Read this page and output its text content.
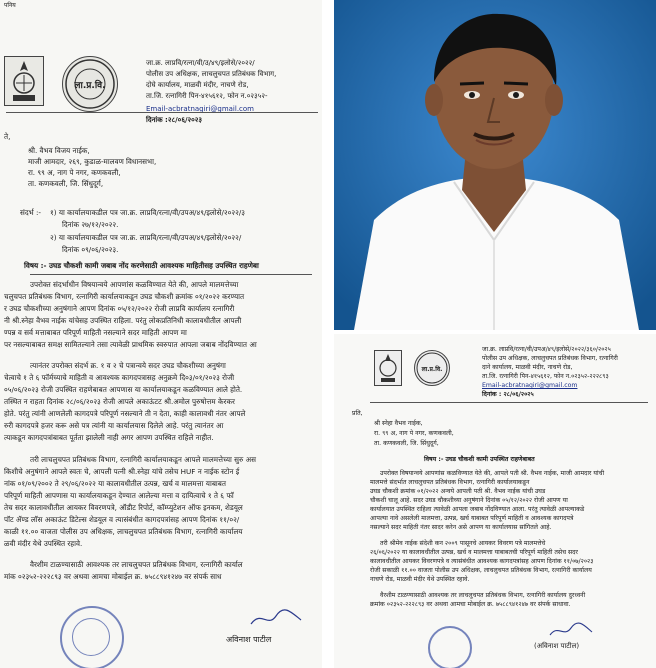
पनिय
ला.प्र.वि.
जा.क्र. लाप्रवि/रत्ना/वी/उ/४९/इलोसे/२०२२/
पोलीस उप अधिक्षक, लाचलुचपत प्रतिबंधक विभाग,
दोघे कार्यालय, माळवी मंदीर, नाचणे रोड,
ता.जि. रत्नागिरी पिन-४१५६१२, फोन न.०२३५२-
Email-acbratnagiri@gmail.com
दिनांक :२८/०६/२०२३
ते,
श्री. वैभव विजय नाईक,
माजी आमदार, २६९, कुडाळ-मालवण विधानसभा,
रा. ९९ अ, नाग पे नगर, कणकवली,
ता. कणकवली, जि. सिंधुदूर्ग,
संदर्भ :- १) या कार्यालयाकडील पत्र जा.क्र. लाप्रवि/रत्ना/वी/उपअ/४९/इलोसे/२०२२/३
दिनांक २७/१२/२०२२.
२) या कार्यालयाकडील पत्र जा.क्र. लाप्रवि/रत्ना/वी/उपअ/४९/इलोसे/२०२२/
दिनांक ०९/०६/२०२३.
विषय :- उघड चौकशी कामी जबाब नोंद करणेसाठी आवश्यक माहितीसह उपस्थित राहणेबा
उपरोक्त संदर्भाधीन विषयान्वये आपणांस कळविण्यात येते की, आपले मालमत्तेच्या
चलुचपत प्रतिबंधक विभाग, रत्नागिरी कार्यालयाकडून उघड चौकशी क्रमांक ०१/२०२२ करण्यात
र उघड चौकशीच्या अनुषंगाने आपण दिनांक ०५/१२/२०२२ रोजी लाप्रवि कार्यालय रत्नागिरी
नी श्री.स्नेहा वैभव नाईक यांचेसह उपस्थित राहिला. परंतु लोकप्रतिनिधी कालावधीतील आपली
ण्पन्न व सर्व मत्ताबाबत परिपूर्ण माहिती नसल्याने सदर माहिती आपण मा
पर नसल्याबाबत समक्ष सामितल्याने तसा त्यावेळी प्राथमिक स्वरुपात आपला जबाब नोंदविण्यात आ
त्यानंतर उपरोक्त संदर्भ क्र. १ व २ चे पत्रान्वये सदर उघड चौकशीच्या अनुषंगा
चेत्वाचे १ ते ६ फॉर्मच्याचे माहिती व आवश्यक कागदपत्रासह अनुक्रमे दि०३/०१/२०२३ रोजी
०५/०६/२०२३ रोजी उपस्थित राहणेबाबत आपणास या कार्यालयाकडून कळविण्यात आले होते.
तस्थित न राहता दिनांक २८/०६/२०२३ रोजी आपले अकाऊंटट श्री.अमोल पुरुषोत्तम केरकर
होते. परंतु त्यांनी आणलेली कागदपत्रे परिपूर्ण नसल्याने ती न देता, काही कालावधी नंतर आपले
रुरी कागदपत्रे हजर करू असे पत्र त्यांनी या कार्यालयास दिलेले आहे. परंतु त्यानंतर आ
त्याकडून कागदपत्रांबाबत पूर्तता झालेली नाही अगर आपण उपस्थित राहिले नाहीत.
तरी लाचलुचपत प्रतिबंधक विभाग, रत्नागिरी कार्यालयाकडून आपले मालमत्तेच्या सुरु अस
किशीचे अनुषंगाने आपले स्वतः चे, आपली पत्नी श्री.स्नेहा यांचे तसेच HUF न नाईक स्टोन ई
नांक ०१/०९/२००२ ते २९/०६/२०२२ या कालावधीतील उत्पन्न, खर्च व मालमत्ता याबाबत
परिपूर्ण माहिती आपणास या कार्यालयाकडून देण्यात आलेल्या मत्ता व दायित्वाचे १ ते ६ फॉ
तेच सदर कालावधीतील आयकर विवरणपत्रे, ऑडीट रिपोर्ट, कॉम्प्युटेशन ऑफ इनकम, शेडयूल
पॉट ॲण्ड लॉस अकाऊंट डिटेल्स शेडयूल व त्यासंबंधीत कागदपत्रांसह आपण दिनांक ११/०२/
काळी ११.०० वाजता पोलीस उप अधिक्षक, लाचलुचपत प्रतिबंधक विभाग, रत्नागिरी कार्यालय
ळवी मंदीर येथे उपस्थित रहावे.
वैरशीम टाळण्यासाठी आवश्यक तर लाचलुचपत प्रतिबंधक विभाग, रत्नागिरी कार्याल
मांक ०२३५२-२२२८९३ वर अथवा आमचा मोबाईल क्र. ७५८८९४१२४७ वर संपर्क साध
अविनाश पाटील
ला.प्र.वि.
जा.क्र. लाप्रवि/रत्ना/वी/उपअ/४९/इलोसे/२०२२/३६०/२०२५
पोलीस उप अधिक्षक, लाचलुचपत प्रतिबंधक विभाग, रत्नागिरी
दाने कार्यालय, माळवी मंदीर, नाचणे रोड,
ता.जि. रत्नागिरी पिन-४१५६१२, फोन न.०२३५२-२२२८९३
Email-acbratnagiri@gmail.com
दिनांक : २८/०६/२०२५
प्रति,
श्री स्नेहा वैभव नाईक,
रा. ९९ अ, नाग पे नगर, कणकवली,
ता. कणकवली, जि. सिंधुदूर्ग,
विषय :- उघड चौकशी कामी उपस्थित राहणेबाबत
उपरोक्त विषयान्वये आपणांस कळविण्यात येते की, आपले पती श्री. वैभव नाईक, माजी आमदार यांची
मालमत्ते संदर्भात लाचलुचपत प्रतिबंधक विभाग, रत्नागिरी कार्यालयाकडून
उघड चौकशी क्रमांक ०१/२०२२ अन्वये आपली पती श्री. वैभव नाईक यांची उघड
चौकशी चालू आहे. सदर उघड चौकशीच्या अनुषंगाने दिनांक ०५/१२/२०२२ रोजी आपण या
कार्यालयात उपस्थित राहिला त्यावेळी आपला जबाब नोंदविण्यात आला. परंतु त्यावेळी आपल्याकडे
आपल्या नावे असलेली मालमत्ता, उत्पन्न, खर्च याबाबत परिपूर्ण माहिती व आवश्यक कागदपत्रे
नसल्याने सदर माहिती नंतर सादर करेन असे आपण या कार्यालयास सांगितले आहे.
तरी श्रीमेव नाईक संदेशी कन २००९ पासूनचे आयकर विवरण पत्रे मालमत्तेचे
२६/०६/२०२२ या कालावधीतील उत्पन्न, खर्च व मालमत्ता याबाबतची परिपूर्ण माहिती तसेच सदर
कालावधीतील आयकर विवरणपत्रे व त्यासंबंधीत आवश्यक कागदपत्रांसह आपण दिनांक ११/०७/२०२३
रोजी सकाळी ११.०० वाजता पोलीस उप अधिक्षक, लाचलुचपत प्रतिबंधक विभाग, रत्नागिरी कार्यालय
नाचणे रोड, माळवी मंदीर येथे उपस्थित रहावे.
वैरशीम टाळण्यासाठी आवश्यक तर लाचलुचपत प्रतिबंधक विभाग, रत्नागिरी कार्यालय दुरध्वनी
क्रमांक ०२३५२-२२२८९३ वर अथवा आमचा मोबाईल क्र. ७५८८९४१२४७ वर संपर्क साधावा.
(अविनाश पाटील)
